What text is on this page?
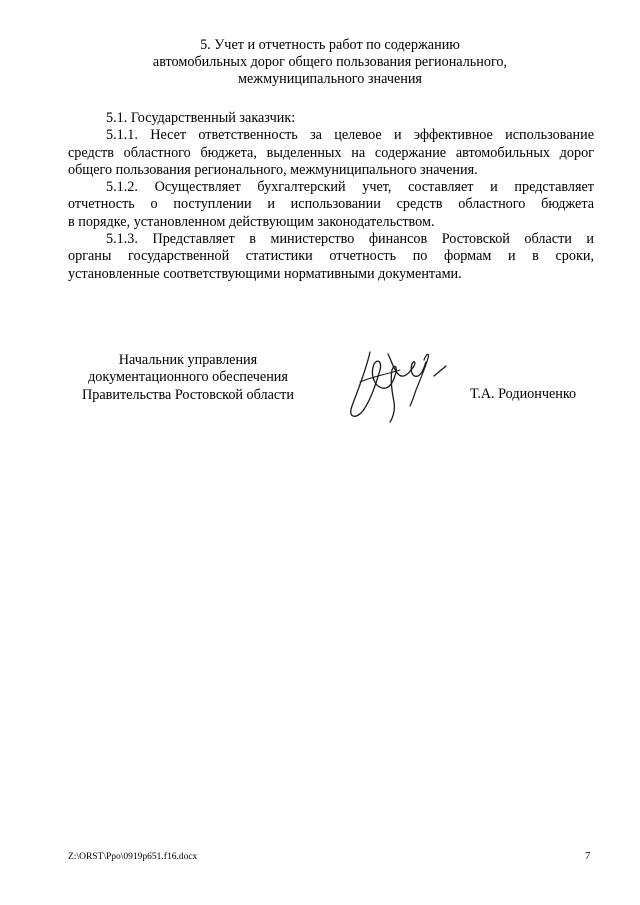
5. Учет и отчетность работ по содержанию
автомобильных дорог общего пользования регионального,
межмуниципального значения
5.1. Государственный заказчик:
5.1.1. Несет ответственность за целевое и эффективное использование
средств областного бюджета, выделенных на содержание автомобильных дорог
общего пользования регионального, межмуниципального значения.
5.1.2. Осуществляет бухгалтерский учет, составляет и представляет
отчетность о поступлении и использовании средств областного бюджета
в порядке, установленном действующим законодательством.
5.1.3. Представляет в министерство финансов Ростовской области и
органы государственной статистики отчетность по формам и в сроки,
установленные соответствующими нормативными документами.
Начальник управления
документационного обеспечения
Правительства Ростовской области	Т.А. Родионченко
Z:\ORST\Ppo\0919p651.f16.docx	7
